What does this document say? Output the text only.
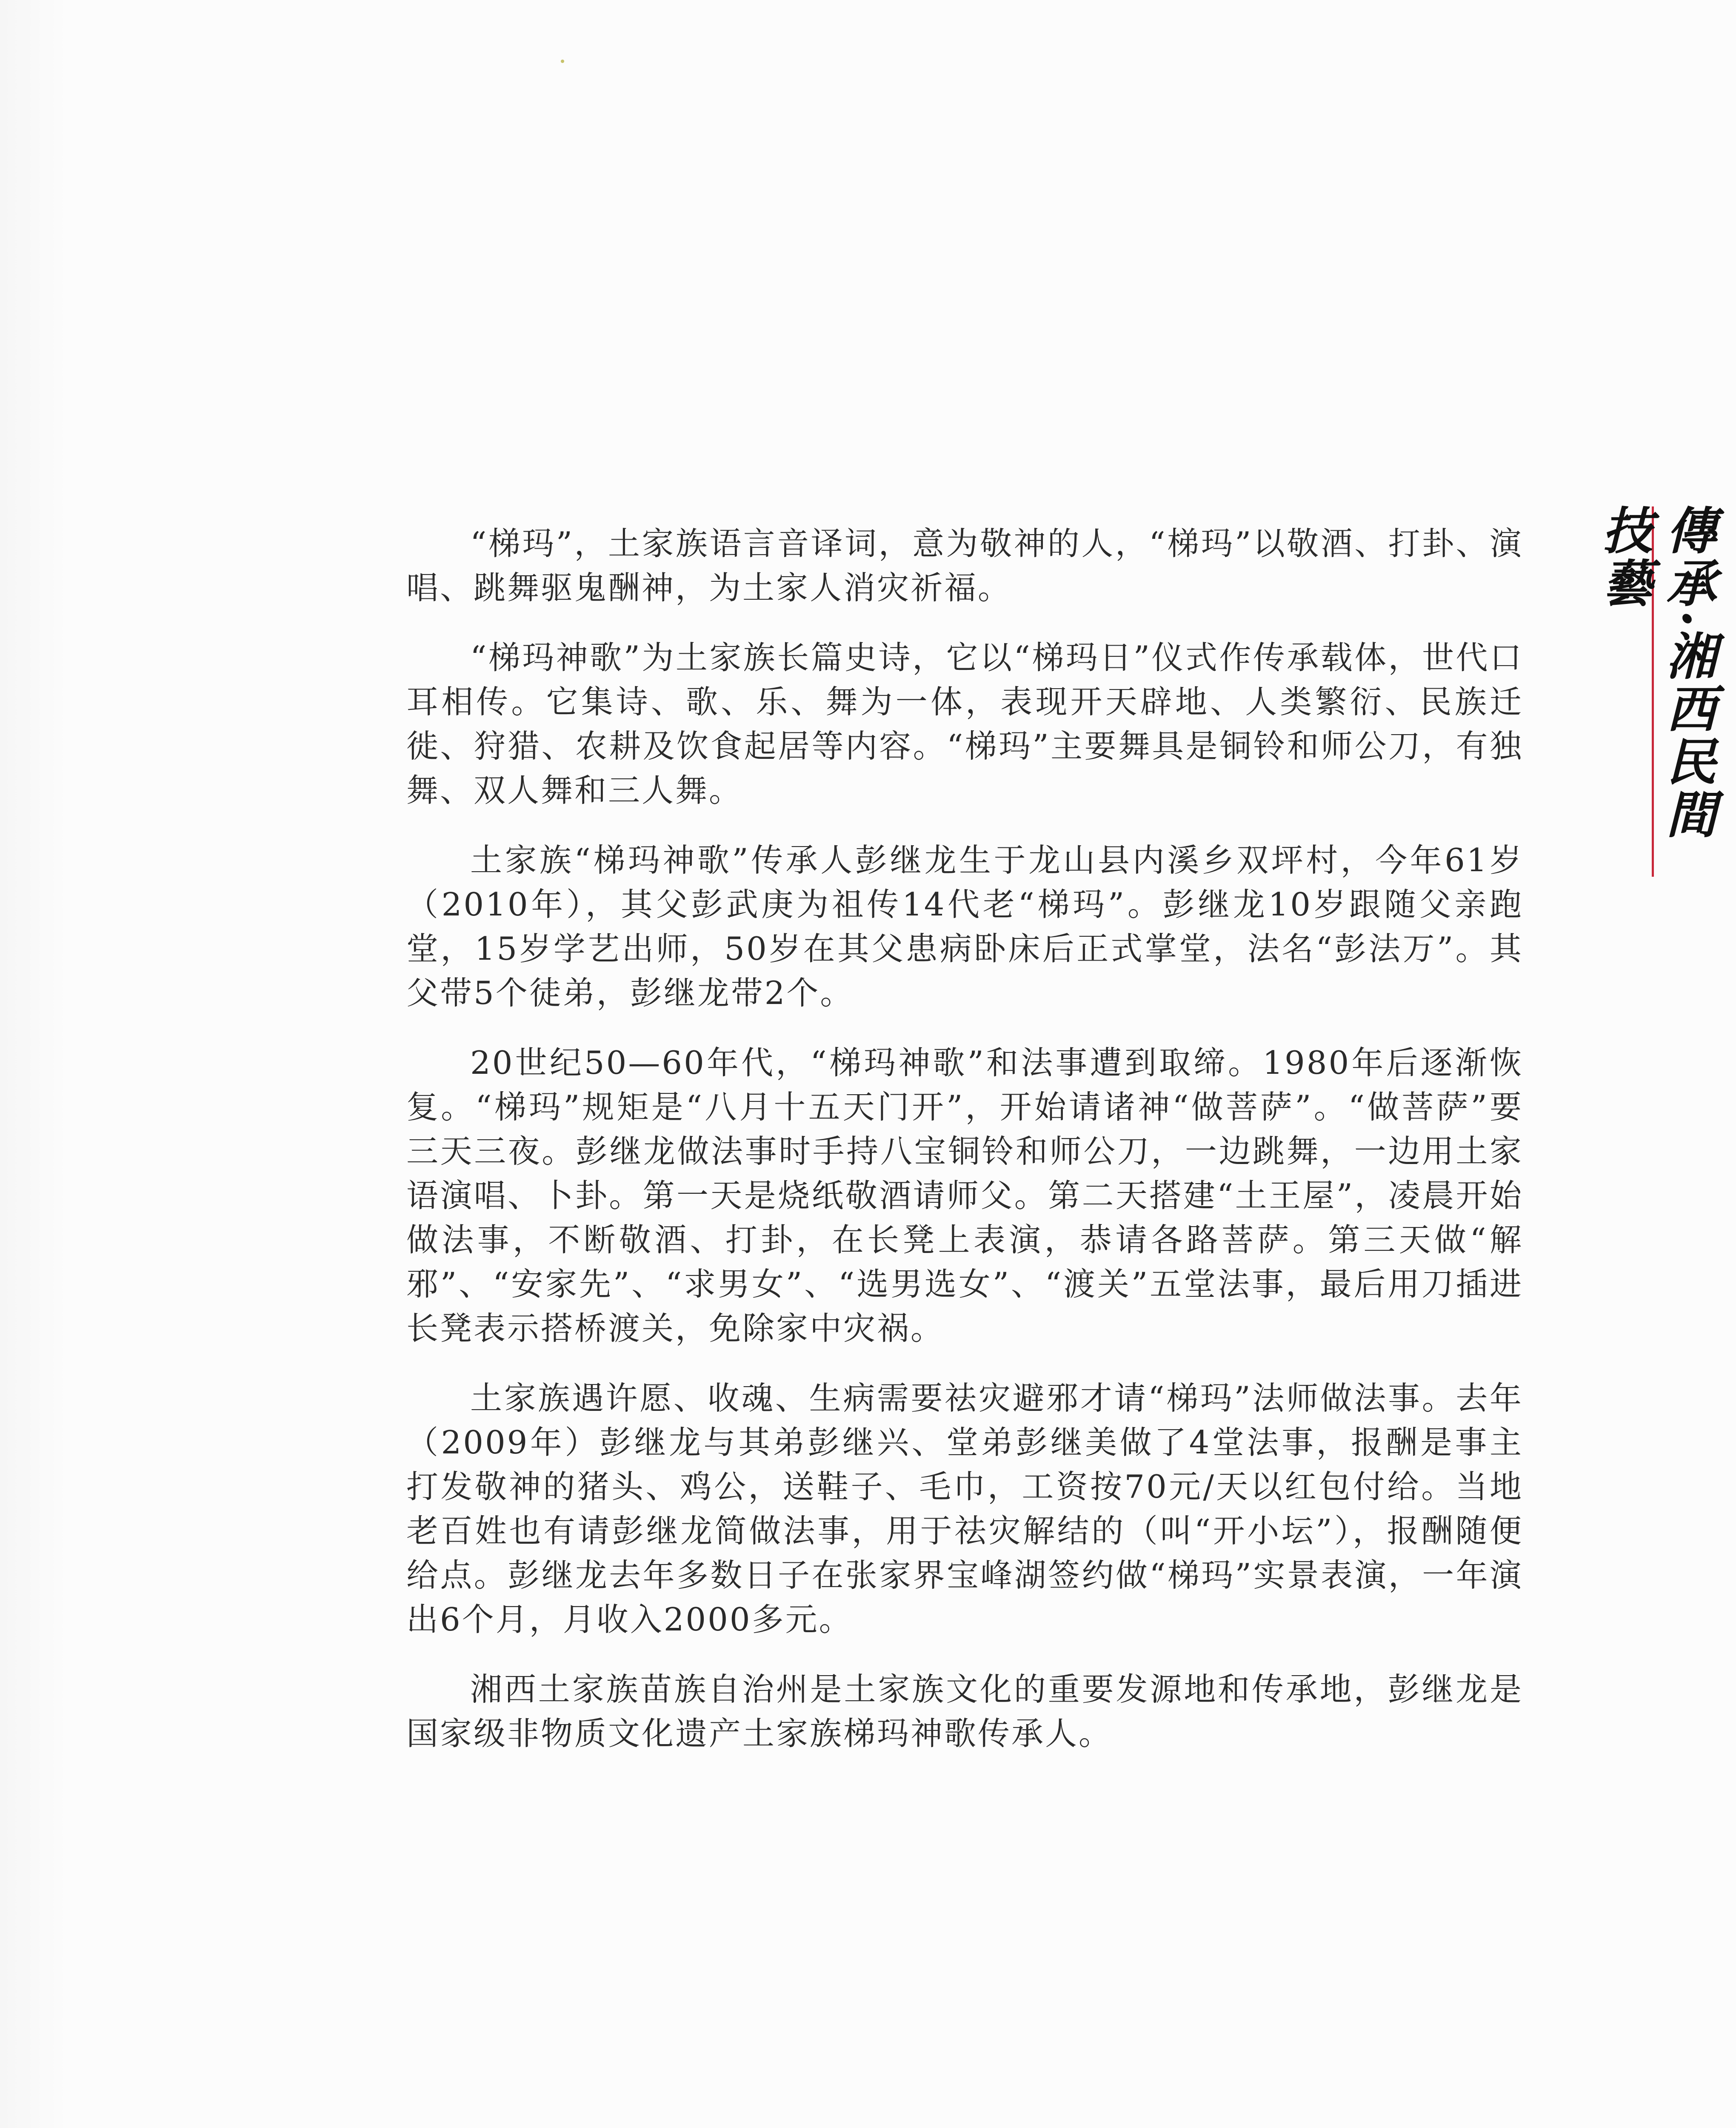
傳承·湘西民間技藝

“梯玛”，土家族语言音译词，意为敬神的人，“梯玛”以敬酒、打卦、演唱、跳舞驱鬼酬神，为土家人消灾祈福。

“梯玛神歌”为土家族长篇史诗，它以“梯玛日”仪式作传承载体，世代口耳相传。它集诗、歌、乐、舞为一体，表现开天辟地、人类繁衍、民族迁徙、狩猎、农耕及饮食起居等内容。“梯玛”主要舞具是铜铃和师公刀，有独舞、双人舞和三人舞。

土家族“梯玛神歌”传承人彭继龙生于龙山县内溪乡双坪村，今年61岁（2010年），其父彭武庚为祖传14代老“梯玛”。彭继龙10岁跟随父亲跑堂，15岁学艺出师，50岁在其父患病卧床后正式掌堂，法名“彭法万”。其父带5个徒弟，彭继龙带2个。

20世纪50—60年代，“梯玛神歌”和法事遭到取缔。1980年后逐渐恢复。“梯玛”规矩是“八月十五天门开”，开始请诸神“做菩萨”。“做菩萨”要三天三夜。彭继龙做法事时手持八宝铜铃和师公刀，一边跳舞，一边用土家语演唱、卜卦。第一天是烧纸敬酒请师父。第二天搭建“土王屋”，凌晨开始做法事，不断敬酒、打卦，在长凳上表演，恭请各路菩萨。第三天做“解邪”、“安家先”、“求男女”、“选男选女”、“渡关”五堂法事，最后用刀插进长凳表示搭桥渡关，免除家中灾祸。

土家族遇许愿、收魂、生病需要祛灾避邪才请“梯玛”法师做法事。去年（2009年）彭继龙与其弟彭继兴、堂弟彭继美做了4堂法事，报酬是事主打发敬神的猪头、鸡公，送鞋子、毛巾，工资按70元/天以红包付给。当地老百姓也有请彭继龙简做法事，用于祛灾解结的（叫“开小坛”），报酬随便给点。彭继龙去年多数日子在张家界宝峰湖签约做“梯玛”实景表演，一年演出6个月，月收入2000多元。

湘西土家族苗族自治州是土家族文化的重要发源地和传承地，彭继龙是国家级非物质文化遗产土家族梯玛神歌传承人。
